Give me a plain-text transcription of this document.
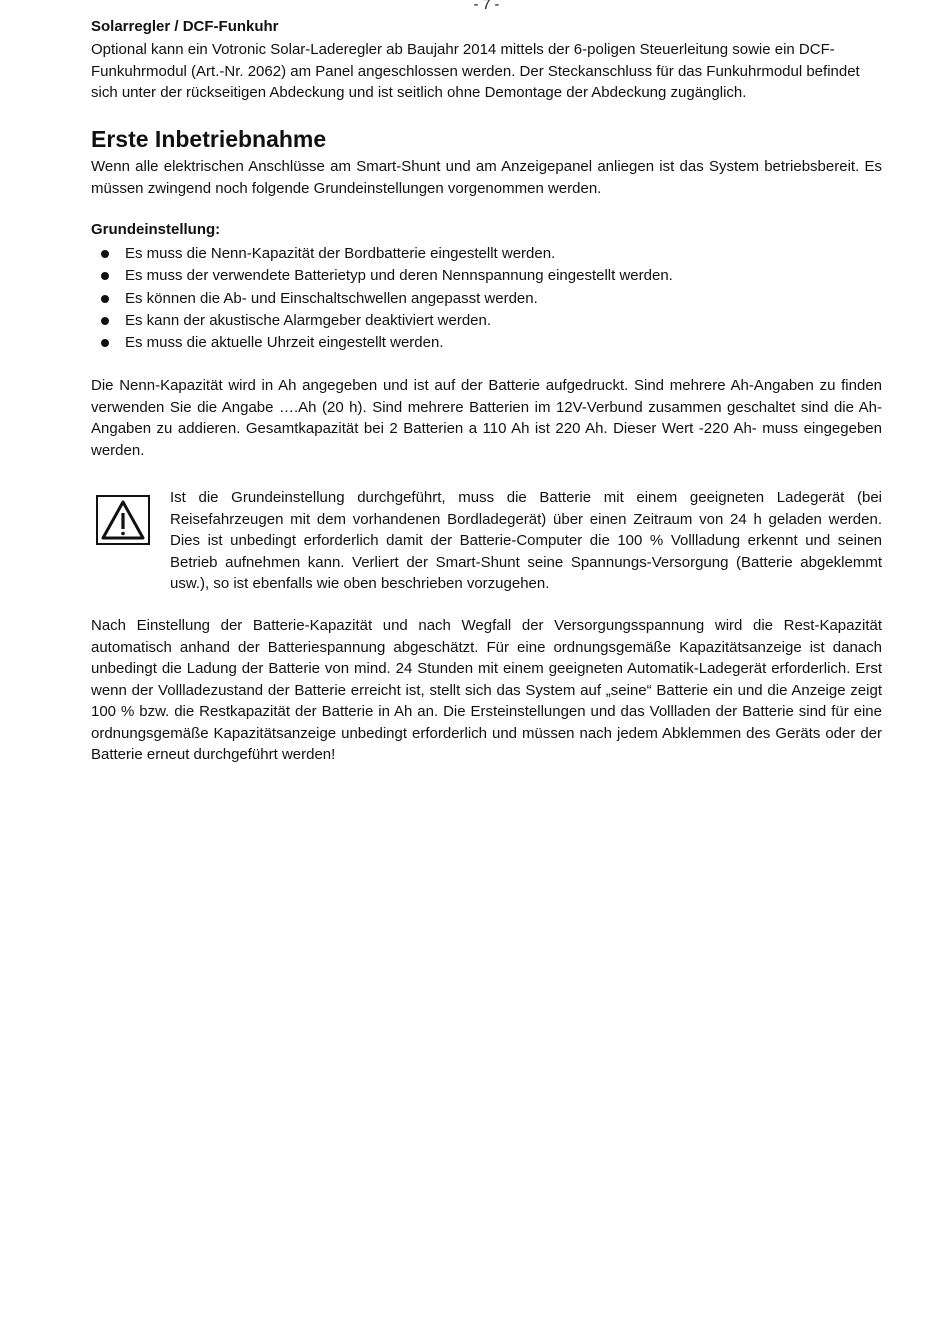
- 7 -
Solarregler / DCF-Funkuhr

Optional kann ein Votronic Solar-Laderegler ab Baujahr 2014 mittels der 6-poligen Steuerleitung sowie ein DCF-Funkuhrmodul (Art.-Nr. 2062) am Panel angeschlossen werden. Der Steckanschluss für das Funkuhrmodul befindet sich unter der rückseitigen Abdeckung und ist seitlich ohne Demontage der Abdeckung zugänglich.

Erste Inbetriebnahme

Wenn alle elektrischen Anschlüsse am Smart-Shunt und am Anzeigepanel anliegen ist das System betriebsbereit. Es müssen zwingend noch folgende Grundeinstellungen vorgenommen werden.

Grundeinstellung:
Es muss die Nenn-Kapazität der Bordbatterie eingestellt werden.
Es muss der verwendete Batterietyp und deren Nennspannung eingestellt werden.
Es können die Ab- und Einschaltschwellen angepasst werden.
Es kann der akustische Alarmgeber deaktiviert werden.
Es muss die aktuelle Uhrzeit eingestellt werden.

Die Nenn-Kapazität wird in Ah angegeben und ist auf der Batterie aufgedruckt. Sind mehrere Ah-Angaben zu finden verwenden Sie die Angabe ….Ah (20 h). Sind mehrere Batterien im 12V-Verbund zusammen geschaltet sind die Ah-Angaben zu addieren. Gesamtkapazität bei 2 Batterien a 110 Ah ist 220 Ah. Dieser Wert -220 Ah- muss eingegeben werden.

Ist die Grundeinstellung durchgeführt, muss die Batterie mit einem geeigneten Ladegerät (bei Reisefahrzeugen mit dem vorhandenen Bordladegerät) über einen Zeitraum von 24 h geladen werden. Dies ist unbedingt erforderlich damit der Batterie-Computer die 100 % Vollladung erkennt und seinen Betrieb aufnehmen kann. Verliert der Smart-Shunt seine Spannungs-Versorgung (Batterie abgeklemmt usw.), so ist ebenfalls wie oben beschrieben vorzugehen.

Nach Einstellung der Batterie-Kapazität und nach Wegfall der Versorgungsspannung wird die Rest-Kapazität automatisch anhand der Batteriespannung abgeschätzt. Für eine ordnungsgemäße Kapazitätsanzeige ist danach unbedingt die Ladung der Batterie von mind. 24 Stunden mit einem geeigneten Automatik-Ladegerät erforderlich. Erst wenn der Vollladezustand der Batterie erreicht ist, stellt sich das System auf „seine“ Batterie ein und die Anzeige zeigt 100 % bzw. die Restkapazität der Batterie in Ah an. Die Ersteinstellungen und das Vollladen der Batterie sind für eine ordnungsgemäße Kapazitätsanzeige unbedingt erforderlich und müssen nach jedem Abklemmen des Geräts oder der Batterie erneut durchgeführt werden!
